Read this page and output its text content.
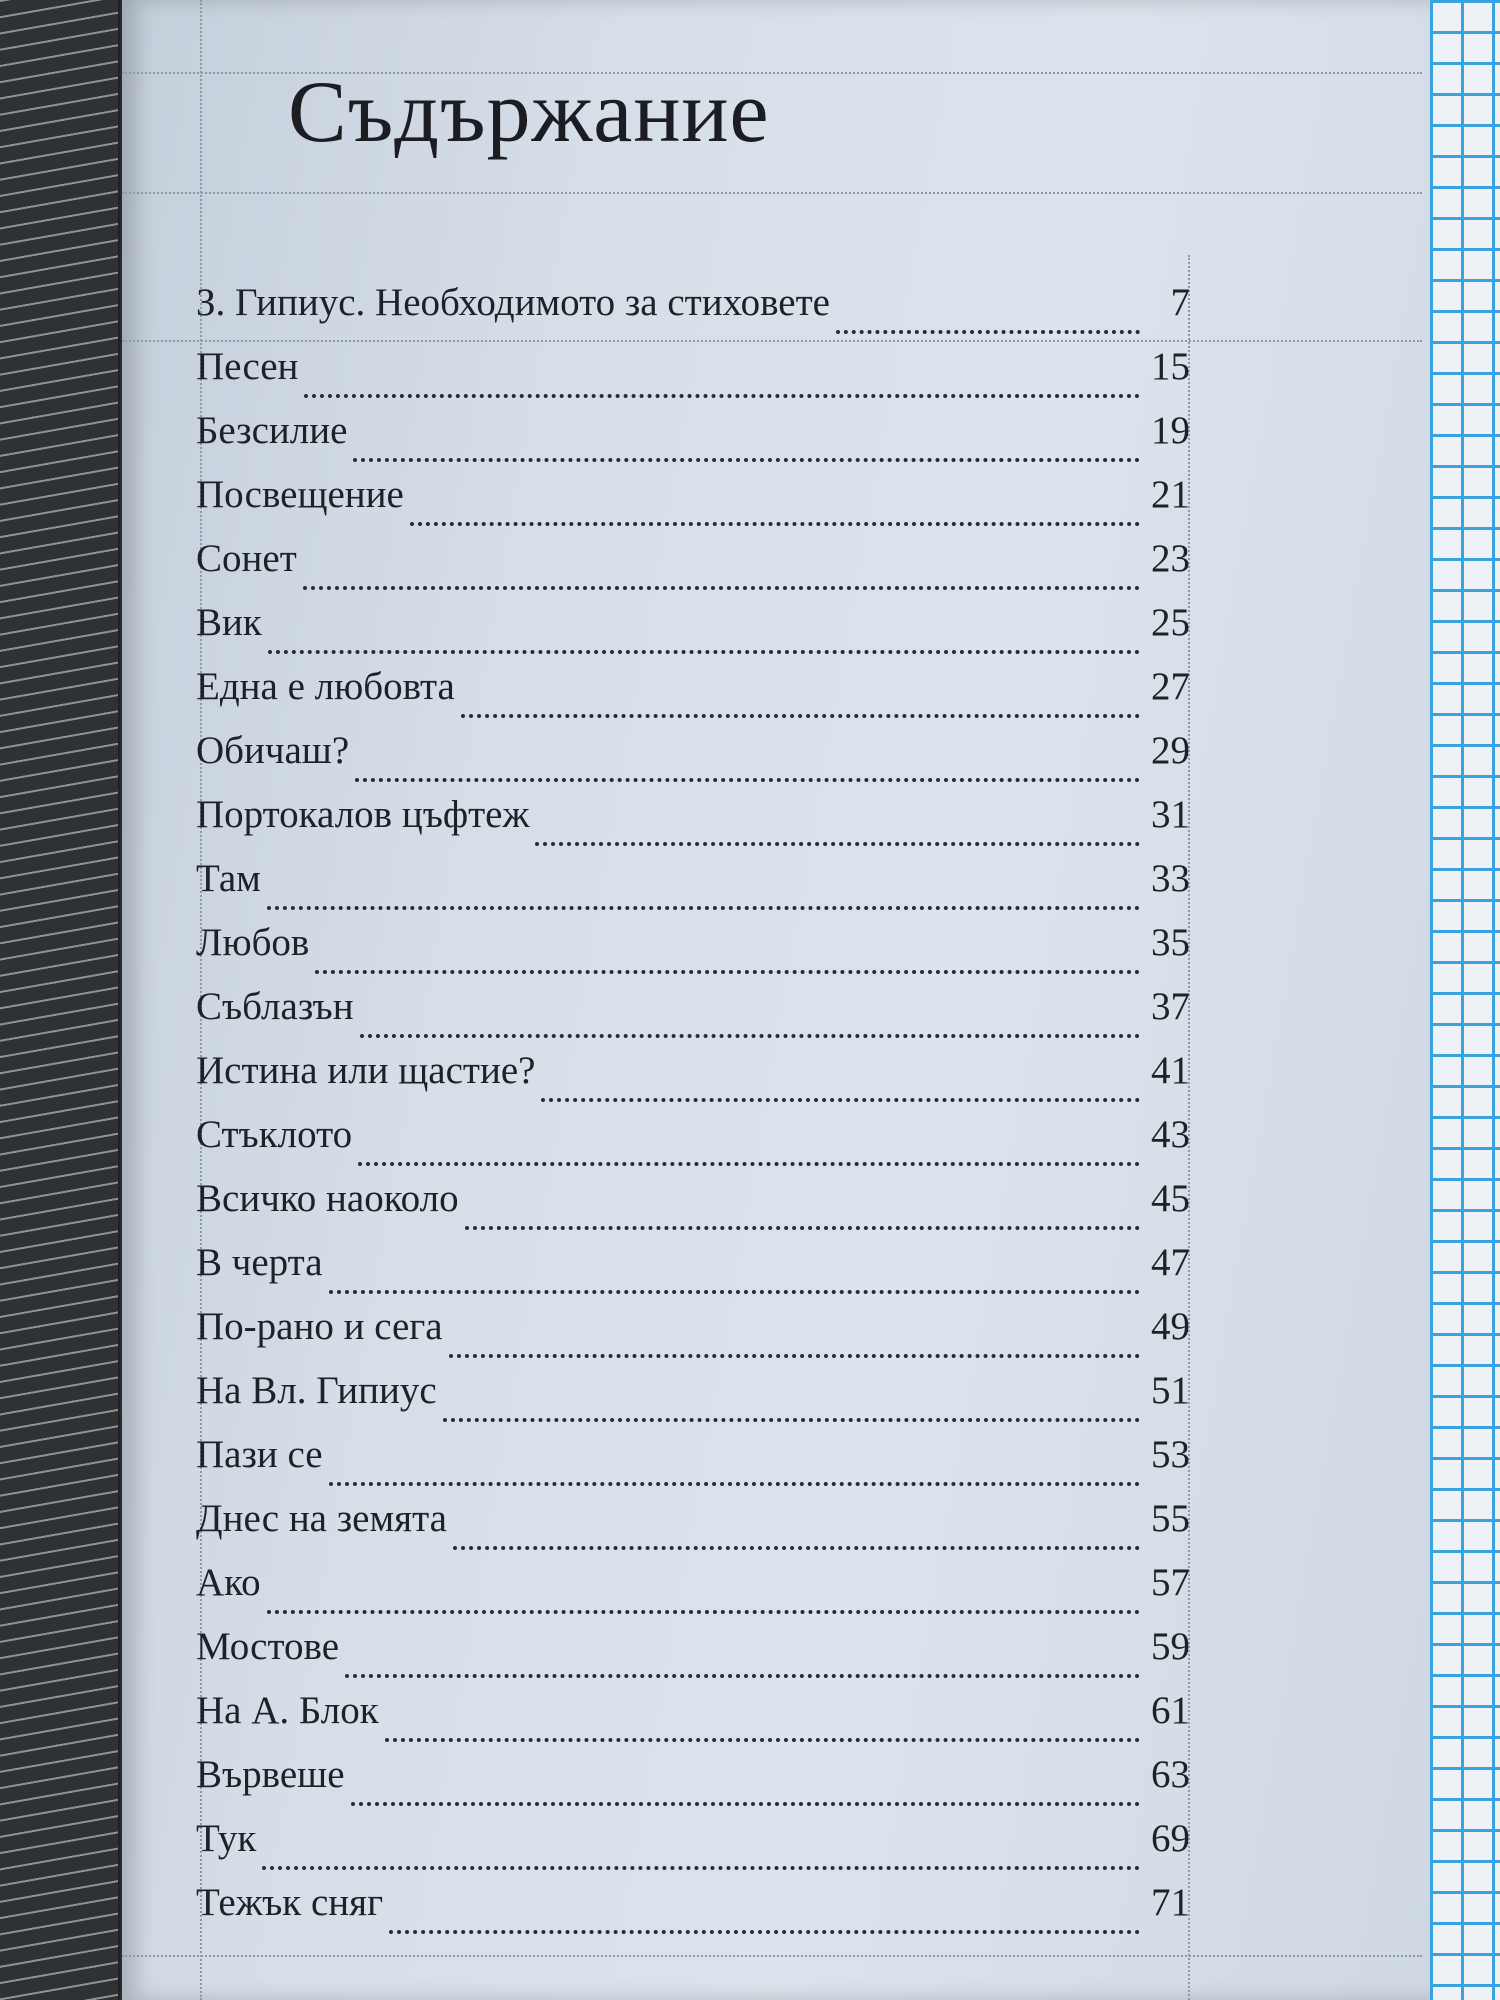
Съдържание
З. Гипиус. Необходимото за стиховете	7
Песен	15
Безсилие	19
Посвещение	21
Сонет	23
Вик	25
Една е любовта	27
Обичаш?	29
Портокалов цъфтеж	31
Там	33
Любов	35
Съблазън	37
Истина или щастие?	41
Стъклото	43
Всичко наоколо	45
В черта	47
По-рано и сега	49
На Вл. Гипиус	51
Пази се	53
Днес на земята	55
Ако	57
Мостове	59
На А. Блок	61
Вървеше	63
Тук	69
Тежък сняг	71
